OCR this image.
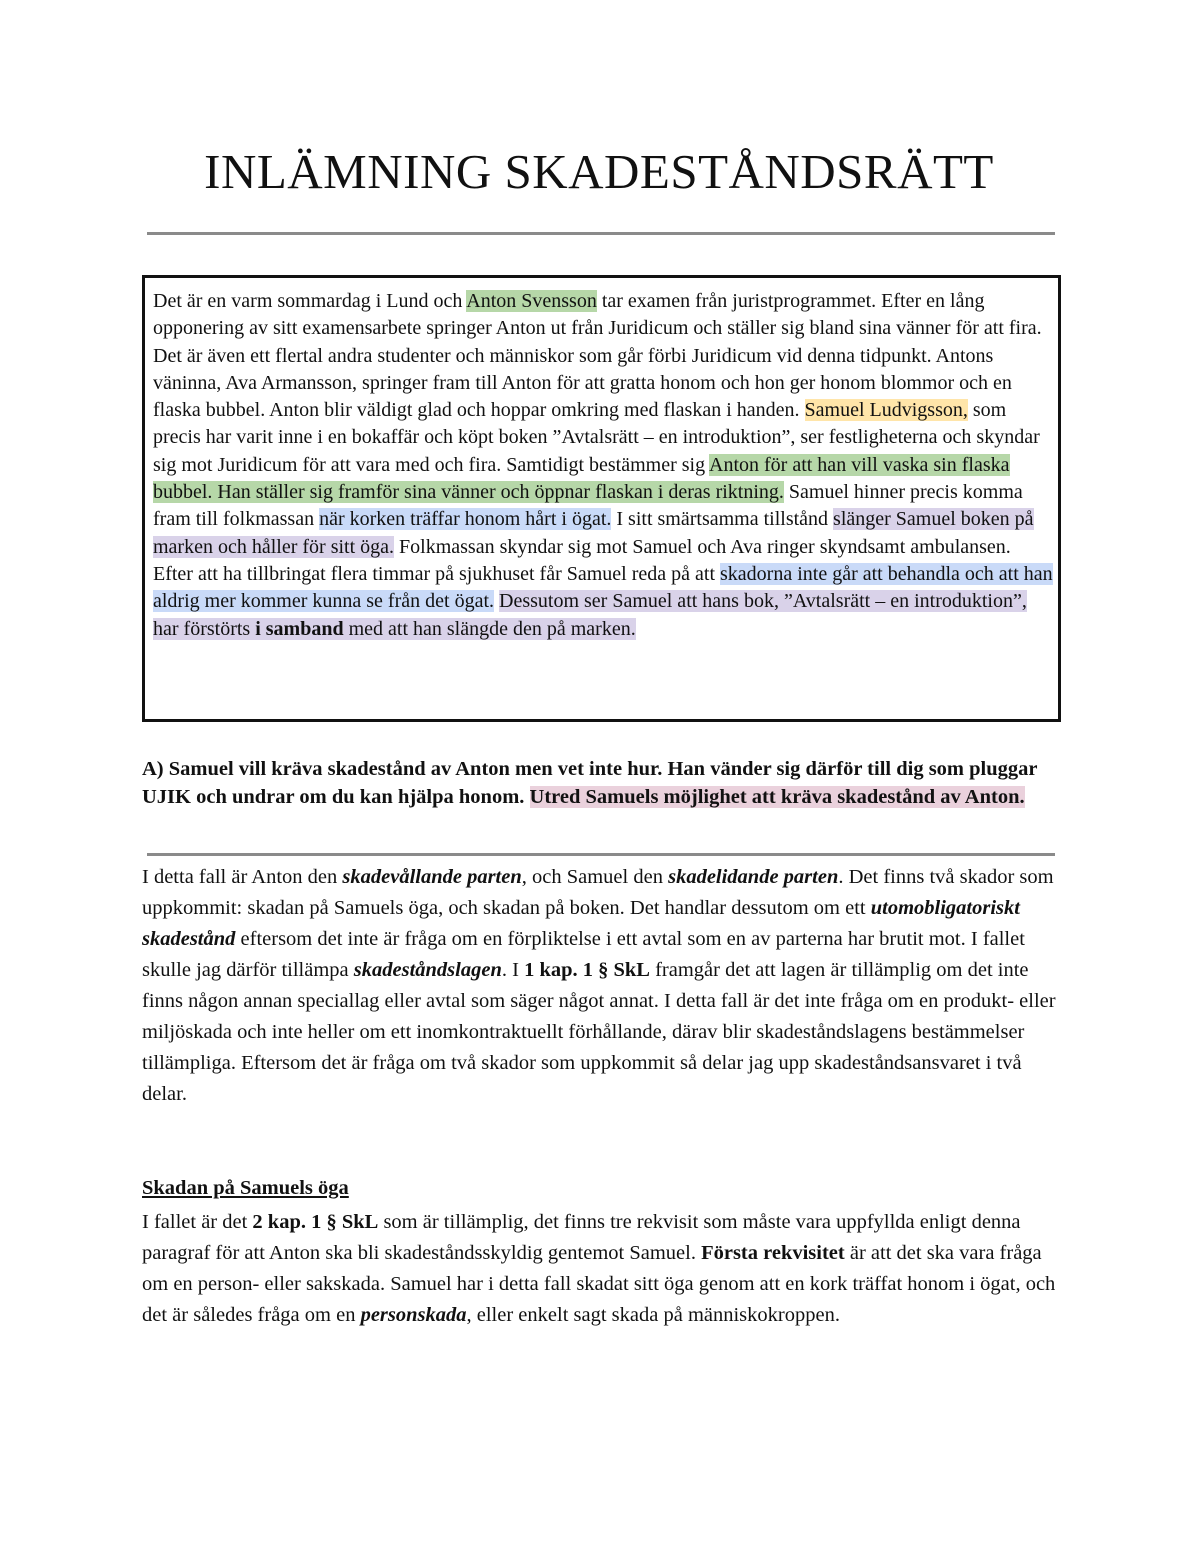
INLÄMNING SKADESTÅNDSRÄTT

Det är en varm sommardag i Lund och Anton Svensson tar examen från juristprogrammet. Efter en lång opponering av sitt examensarbete springer Anton ut från Juridicum och ställer sig bland sina vänner för att fira. Det är även ett flertal andra studenter och människor som går förbi Juridicum vid denna tidpunkt. Antons väninna, Ava Armansson, springer fram till Anton för att gratta honom och hon ger honom blommor och en flaska bubbel. Anton blir väldigt glad och hoppar omkring med flaskan i handen. Samuel Ludvigsson, som precis har varit inne i en bokaffär och köpt boken ”Avtalsrätt – en introduktion”, ser festligheterna och skyndar sig mot Juridicum för att vara med och fira. Samtidigt bestämmer sig Anton för att han vill vaska sin flaska bubbel. Han ställer sig framför sina vänner och öppnar flaskan i deras riktning. Samuel hinner precis komma fram till folkmassan när korken träffar honom hårt i ögat. I sitt smärtsamma tillstånd slänger Samuel boken på marken och håller för sitt öga. Folkmassan skyndar sig mot Samuel och Ava ringer skyndsamt ambulansen. Efter att ha tillbringat flera timmar på sjukhuset får Samuel reda på att skadorna inte går att behandla och att han aldrig mer kommer kunna se från det ögat. Dessutom ser Samuel att hans bok, ”Avtalsrätt – en introduktion”, har förstörts i samband med att han slängde den på marken.

A) Samuel vill kräva skadestånd av Anton men vet inte hur. Han vänder sig därför till dig som pluggar UJIK och undrar om du kan hjälpa honom. Utred Samuels möjlighet att kräva skadestånd av Anton.

I detta fall är Anton den skadevållande parten, och Samuel den skadelidande parten. Det finns två skador som uppkommit: skadan på Samuels öga, och skadan på boken. Det handlar dessutom om ett utomobligatoriskt skadestånd eftersom det inte är fråga om en förpliktelse i ett avtal som en av parterna har brutit mot. I fallet skulle jag därför tillämpa skadeståndslagen. I 1 kap. 1 § SkL framgår det att lagen är tillämplig om det inte finns någon annan speciallag eller avtal som säger något annat. I detta fall är det inte fråga om en produkt- eller miljöskada och inte heller om ett inomkontraktuellt förhållande, därav blir skadeståndslagens bestämmelser tillämpliga. Eftersom det är fråga om två skador som uppkommit så delar jag upp skadeståndsansvaret i två delar.

Skadan på Samuels öga

I fallet är det 2 kap. 1 § SkL som är tillämplig, det finns tre rekvisit som måste vara uppfyllda enligt denna paragraf för att Anton ska bli skadeståndsskyldig gentemot Samuel. Första rekvisitet är att det ska vara fråga om en person- eller sakskada. Samuel har i detta fall skadat sitt öga genom att en kork träffat honom i ögat, och det är således fråga om en personskada, eller enkelt sagt skada på människokroppen.
